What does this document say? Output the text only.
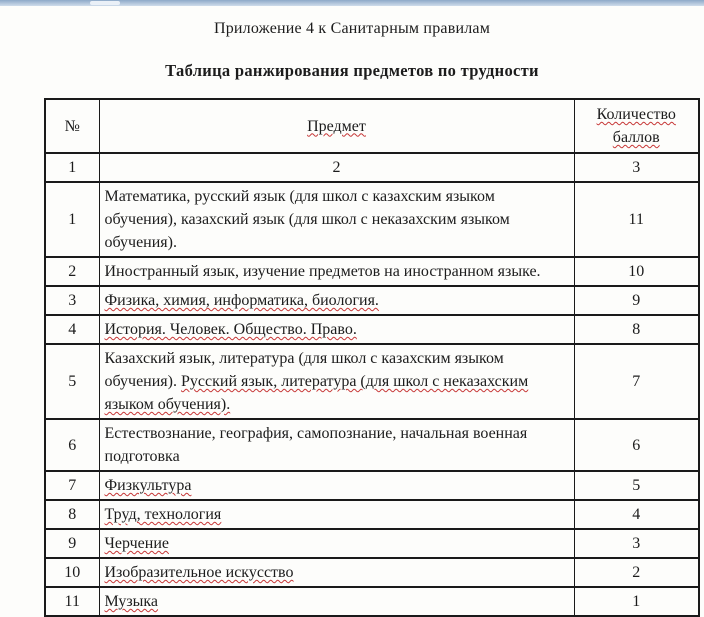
Приложение 4 к Санитарным правилам
Таблица ранжирования предметов по трудности
№	Предмет	Количество баллов
1	2	3
1	Математика, русский язык (для школ с казахским языком обучения), казахский язык (для школ с неказахским языком обучения).	11
2	Иностранный язык, изучение предметов на иностранном языке.	10
3	Физика, химия, информатика, биология.	9
4	История. Человек. Общество. Право.	8
5	Казахский язык, литература (для школ с казахским языком обучения). Русский язык, литература (для школ с неказахским языком обучения).	7
6	Естествознание, география, самопознание, начальная военная подготовка	6
7	Физкультура	5
8	Труд, технология	4
9	Черчение	3
10	Изобразительное искусство	2
11	Музыка	1
